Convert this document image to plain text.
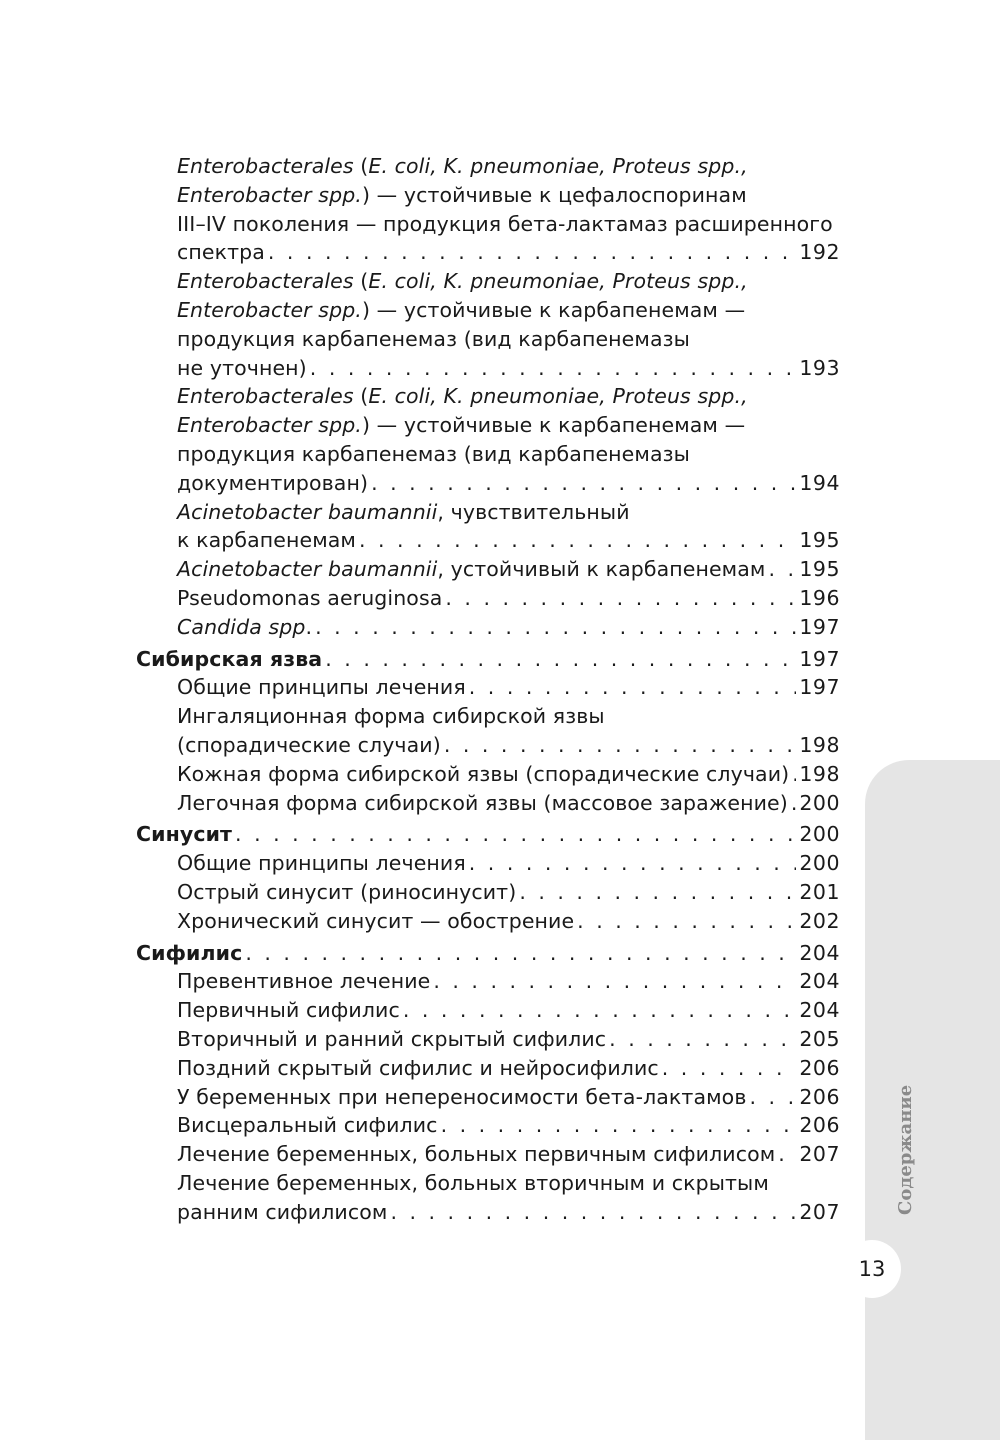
Enterobacterales (E. coli, K. pneumoniae, Proteus spp.,
Enterobacter spp.) — устойчивые к цефалоспоринам
III–IV поколения — продукция бета-лактамаз расширенного
спектра . . .	192
Enterobacterales (E. coli, K. pneumoniae, Proteus spp.,
Enterobacter spp.) — устойчивые к карбапенемам —
продукция карбапенемаз (вид карбапенемазы
не уточнен) . . .	193
Enterobacterales (E. coli, K. pneumoniae, Proteus spp.,
Enterobacter spp.) — устойчивые к карбапенемам —
продукция карбапенемаз (вид карбапенемазы
документирован) . . .	194
Acinetobacter baumannii, чувствительный
к карбапенемам . . .	195
Acinetobacter baumannii, устойчивый к карбапенемам . . . 195
Pseudomonas aeruginosa . . .	196
Candida spp. . . .	197
Сибирская язва . . .	197
Общие принципы лечения . . .	197
Ингаляционная форма сибирской язвы
(спорадические случаи) . . .	198
Кожная форма сибирской язвы (спорадические случаи) . . . 198
Легочная форма сибирской язвы (массовое заражение) . . . 200
Синусит . . .	200
Общие принципы лечения . . .	200
Острый синусит (риносинусит) . . .	201
Хронический синусит — обострение . . .	202
Сифилис . . .	204
Превентивное лечение . . .	204
Первичный сифилис . . .	204
Вторичный и ранний скрытый сифилис . . .	205
Поздний скрытый сифилис и нейросифилис . . .	206
У беременных при непереносимости бета-лактамов . . .	206
Висцеральный сифилис . . .	206
Лечение беременных, больных первичным сифилисом . . . 207
Лечение беременных, больных вторичным и скрытым
ранним сифилисом . . .	207	Содержание
13
